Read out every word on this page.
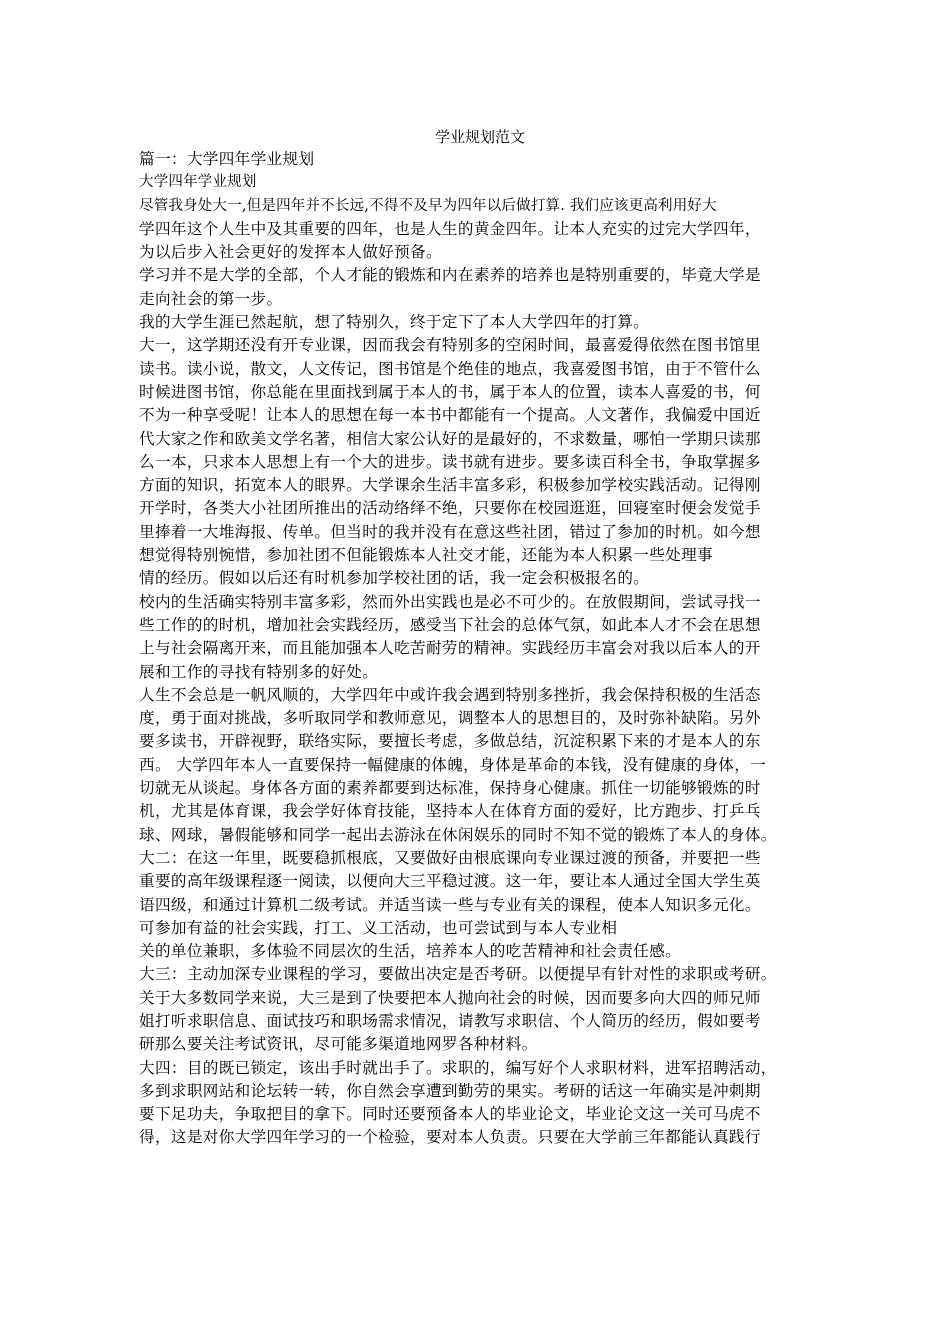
学业规划范文
篇一：大学四年学业规划
大学四年学业规划
尽管我身处大一,但是四年并不长远,不得不及早为四年以后做打算. 我们应该更高利用好大
学四年这个人生中及其重要的四年，也是人生的黄金四年。让本人充实的过完大学四年，
为以后步入社会更好的发挥本人做好预备。
学习并不是大学的全部，个人才能的锻炼和内在素养的培养也是特别重要的，毕竟大学是
走向社会的第一步。
我的大学生涯已然起航，想了特别久，终于定下了本人大学四年的打算。
大一，这学期还没有开专业课，因而我会有特别多的空闲时间，最喜爱得依然在图书馆里
读书。读小说，散文，人文传记，图书馆是个绝佳的地点，我喜爱图书馆，由于不管什么
时候进图书馆，你总能在里面找到属于本人的书，属于本人的位置，读本人喜爱的书，何
不为一种享受呢！让本人的思想在每一本书中都能有一个提高。人文著作，我偏爱中国近
代大家之作和欧美文学名著，相信大家公认好的是最好的，不求数量，哪怕一学期只读那
么一本，只求本人思想上有一个大的进步。读书就有进步。要多读百科全书，争取掌握多
方面的知识，拓宽本人的眼界。大学课余生活丰富多彩，积极参加学校实践活动。记得刚
开学时，各类大小社团所推出的活动络绎不绝，只要你在校园逛逛，回寝室时便会发觉手
里捧着一大堆海报、传单。但当时的我并没有在意这些社团，错过了参加的时机。如今想
想觉得特别惋惜，参加社团不但能锻炼本人社交才能，还能为本人积累一些处理事
情的经历。假如以后还有时机参加学校社团的话，我一定会积极报名的。
校内的生活确实特别丰富多彩，然而外出实践也是必不可少的。在放假期间，尝试寻找一
些工作的的时机，增加社会实践经历，感受当下社会的总体气氛，如此本人才不会在思想
上与社会隔离开来，而且能加强本人吃苦耐劳的精神。实践经历丰富会对我以后本人的开
展和工作的寻找有特别多的好处。
人生不会总是一帆风顺的，大学四年中或许我会遇到特别多挫折，我会保持积极的生活态
度，勇于面对挑战，多听取同学和教师意见，调整本人的思想目的，及时弥补缺陷。另外
要多读书，开辟视野，联络实际，要擅长考虑，多做总结，沉淀积累下来的才是本人的东
西。 大学四年本人一直要保持一幅健康的体魄，身体是革命的本钱，没有健康的身体，一
切就无从谈起。身体各方面的素养都要到达标准，保持身心健康。抓住一切能够锻炼的时
机，尤其是体育课，我会学好体育技能，坚持本人在体育方面的爱好，比方跑步、打乒乓
球、网球，暑假能够和同学一起出去游泳在休闲娱乐的同时不知不觉的锻炼了本人的身体。
大二：在这一年里，既要稳抓根底，又要做好由根底课向专业课过渡的预备，并要把一些
重要的高年级课程逐一阅读，以便向大三平稳过渡。这一年，要让本人通过全国大学生英
语四级，和通过计算机二级考试。并适当读一些与专业有关的课程，使本人知识多元化。
可参加有益的社会实践，打工、义工活动，也可尝试到与本人专业相
关的单位兼职，多体验不同层次的生活，培养本人的吃苦精神和社会责任感。
大三：主动加深专业课程的学习，要做出决定是否考研。以便提早有针对性的求职或考研。
关于大多数同学来说，大三是到了快要把本人抛向社会的时候，因而要多向大四的师兄师
姐打听求职信息、面试技巧和职场需求情况，请教写求职信、个人简历的经历，假如要考
研那么要关注考试资讯，尽可能多渠道地网罗各种材料。
大四：目的既已锁定，该出手时就出手了。求职的，编写好个人求职材料，进军招聘活动，
多到求职网站和论坛转一转，你自然会享遭到勤劳的果实。考研的话这一年确实是冲刺期
要下足功夫，争取把目的拿下。同时还要预备本人的毕业论文，毕业论文这一关可马虎不
得，这是对你大学四年学习的一个检验，要对本人负责。只要在大学前三年都能认真践行
